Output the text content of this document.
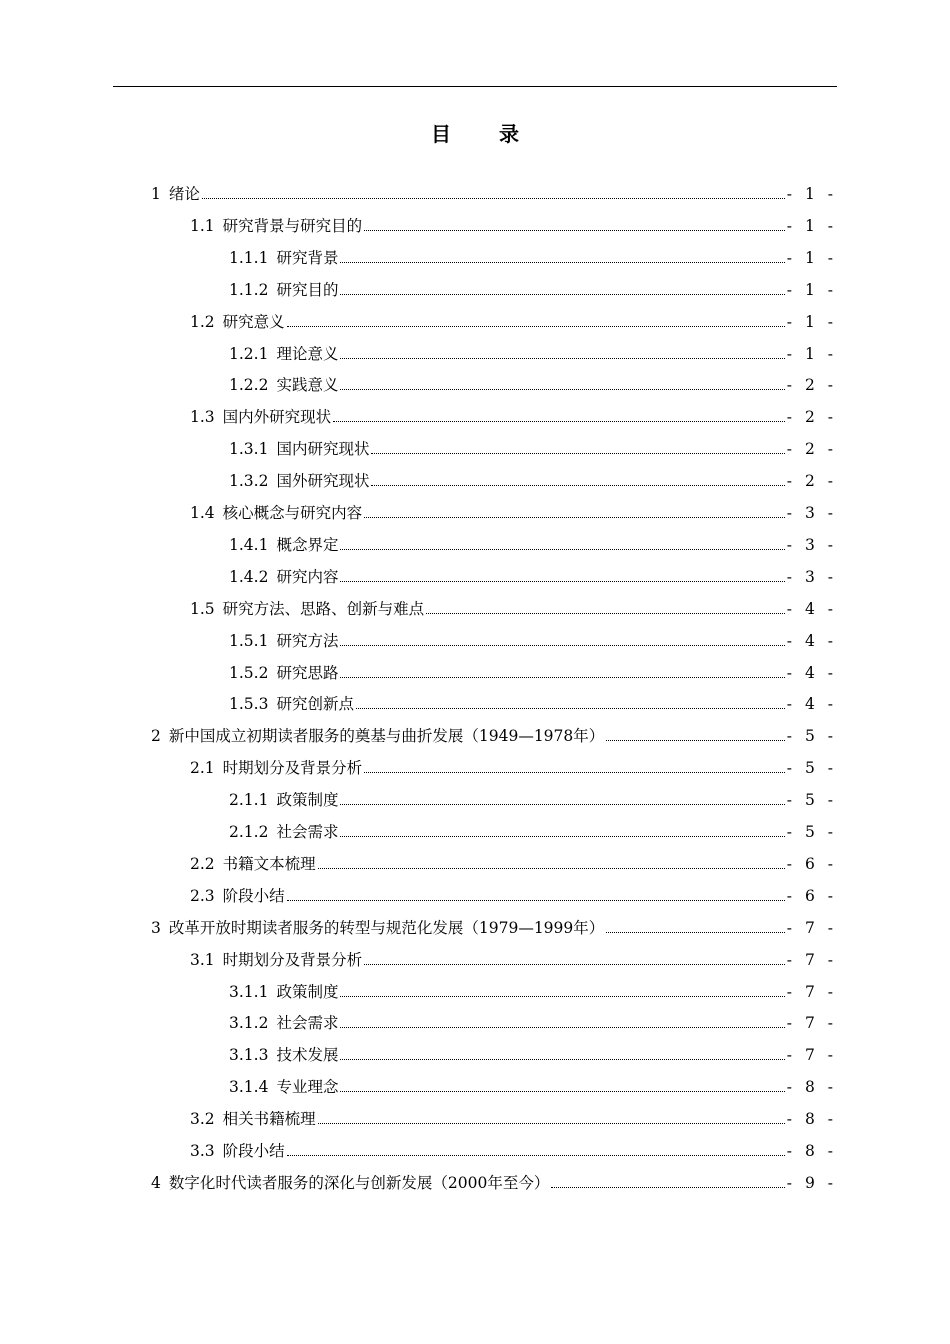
目　录
1 绪论	- 1 -
1.1 研究背景与研究目的	- 1 -
1.1.1 研究背景	- 1 -
1.1.2 研究目的	- 1 -
1.2 研究意义	- 1 -
1.2.1 理论意义	- 1 -
1.2.2 实践意义	- 2 -
1.3 国内外研究现状	- 2 -
1.3.1 国内研究现状	- 2 -
1.3.2 国外研究现状	- 2 -
1.4 核心概念与研究内容	- 3 -
1.4.1 概念界定	- 3 -
1.4.2 研究内容	- 3 -
1.5 研究方法、思路、创新与难点	- 4 -
1.5.1 研究方法	- 4 -
1.5.2 研究思路	- 4 -
1.5.3 研究创新点	- 4 -
2 新中国成立初期读者服务的奠基与曲折发展（1949—1978年）	- 5 -
2.1 时期划分及背景分析	- 5 -
2.1.1 政策制度	- 5 -
2.1.2 社会需求	- 5 -
2.2 书籍文本梳理	- 6 -
2.3 阶段小结	- 6 -
3 改革开放时期读者服务的转型与规范化发展（1979—1999年）	- 7 -
3.1 时期划分及背景分析	- 7 -
3.1.1 政策制度	- 7 -
3.1.2 社会需求	- 7 -
3.1.3 技术发展	- 7 -
3.1.4 专业理念	- 8 -
3.2 相关书籍梳理	- 8 -
3.3 阶段小结	- 8 -
4 数字化时代读者服务的深化与创新发展（2000年至今）	- 9 -
